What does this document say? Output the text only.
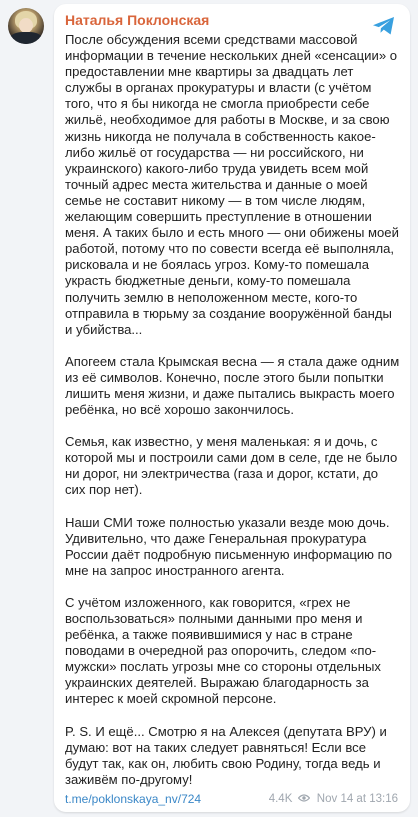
Наталья Поклонская

После обсуждения всеми средствами массовой информации в течение нескольких дней «сенсации» о предоставлении мне квартиры за двадцать лет службы в органах прокуратуры и власти (с учётом того, что я бы никогда не смогла приобрести себе жильё, необходимое для работы в Москве, и за свою жизнь никогда не получала в собственность какое-либо жильё от государства — ни российского, ни украинского) какого-либо труда увидеть всем мой точный адрес места жительства и данные о моей семье не составит никому — в том числе людям, желающим совершить преступление в отношении меня. А таких было и есть много — они обижены моей работой, потому что по совести всегда её выполняла, рисковала и не боялась угроз. Кому-то помешала украсть бюджетные деньги, кому-то помешала получить землю в неположенном месте, кого-то отправила в тюрьму за создание вооружённой банды и убийства...

Апогеем стала Крымская весна — я стала даже одним из её символов. Конечно, после этого были попытки лишить меня жизни, и даже пытались выкрасть моего ребёнка, но всё хорошо закончилось.

Семья, как известно, у меня маленькая: я и дочь, с которой мы и построили сами дом в селе, где не было ни дорог, ни электричества (газа и дорог, кстати, до сих пор нет).

Наши СМИ тоже полностью указали везде мою дочь. Удивительно, что даже Генеральная прокуратура России даёт подробную письменную информацию по мне на запрос иностранного агента.

С учётом изложенного, как говорится, «грех не воспользоваться» полными данными про меня и ребёнка, а также появившимися у нас в стране поводами в очередной раз опорочить, следом «по-мужски» послать угрозы мне со стороны отдельных украинских деятелей. Выражаю благодарность за интерес к моей скромной персоне.

P. S. И ещё... Смотрю я на Алексея (депутата ВРУ) и думаю: вот на таких следует равняться! Если все будут так, как он, любить свою Родину, тогда ведь и заживём по-другому!

t.me/poklonskaya_nv/724	4.4K Nov 14 at 13:16
